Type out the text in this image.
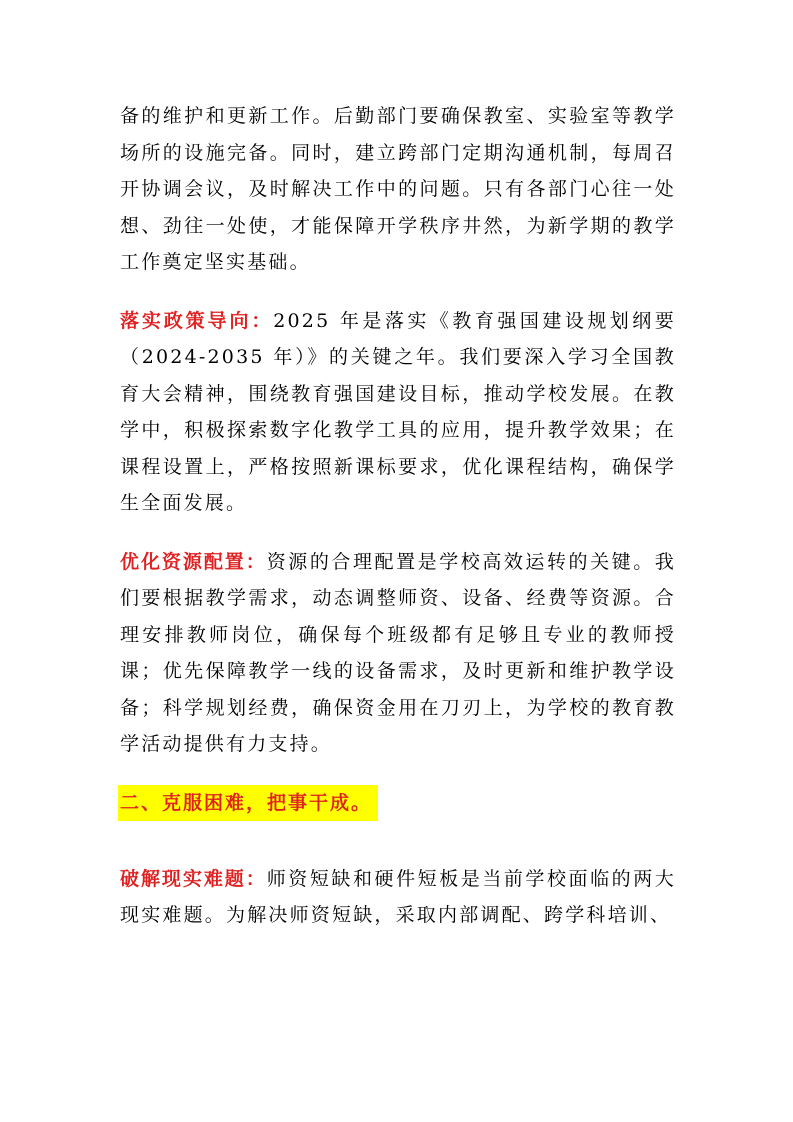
备的维护和更新工作。后勤部门要确保教室、实验室等教学场所的设施完备。同时，建立跨部门定期沟通机制，每周召开协调会议，及时解决工作中的问题。只有各部门心往一处想、劲往一处使，才能保障开学秩序井然，为新学期的教学工作奠定坚实基础。

落实政策导向：2025 年是落实《教育强国建设规划纲要（2024-2035 年）》的关键之年。我们要深入学习全国教育大会精神，围绕教育强国建设目标，推动学校发展。在教学中，积极探索数字化教学工具的应用，提升教学效果；在课程设置上，严格按照新课标要求，优化课程结构，确保学生全面发展。

优化资源配置：资源的合理配置是学校高效运转的关键。我们要根据教学需求，动态调整师资、设备、经费等资源。合理安排教师岗位，确保每个班级都有足够且专业的教师授课；优先保障教学一线的设备需求，及时更新和维护教学设备；科学规划经费，确保资金用在刀刃上，为学校的教育教学活动提供有力支持。

二、克服困难，把事干成。

破解现实难题：师资短缺和硬件短板是当前学校面临的两大现实难题。为解决师资短缺，采取内部调配、跨学科培训、
